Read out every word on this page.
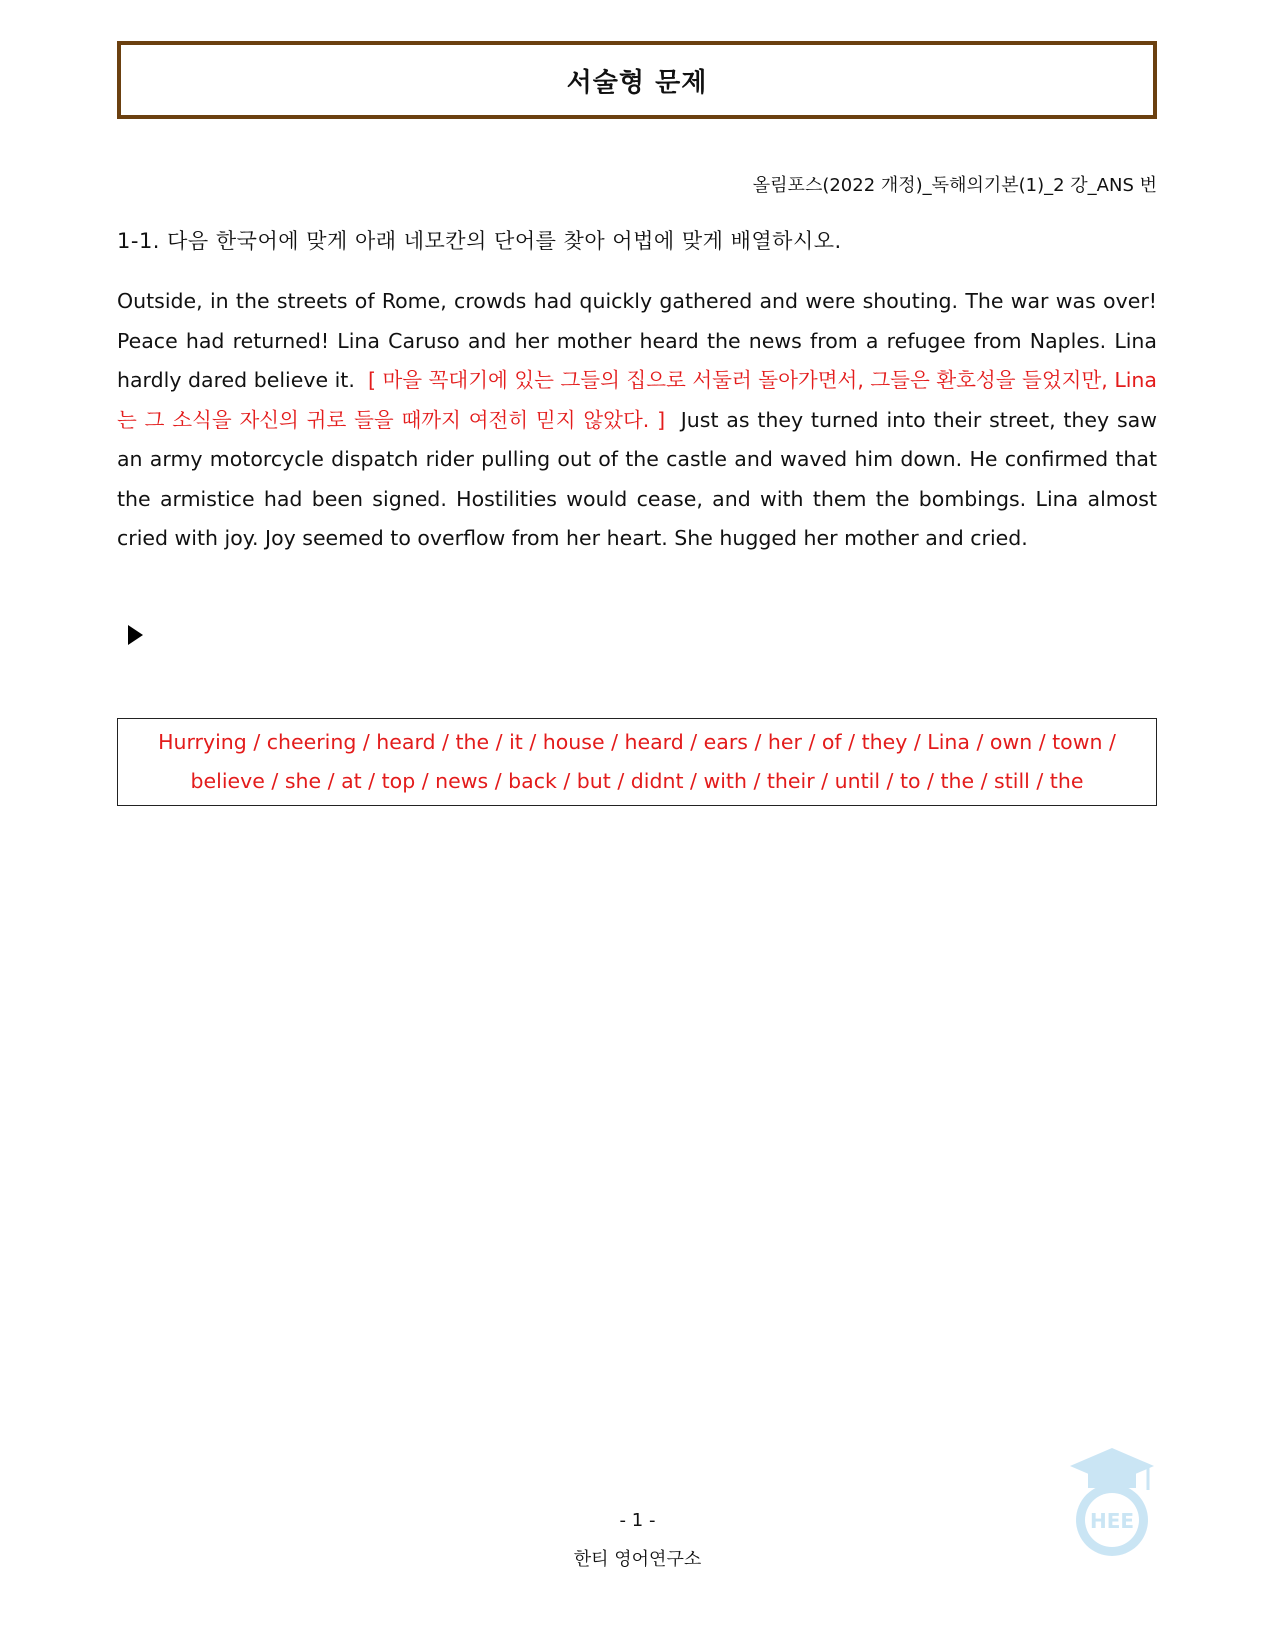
서술형 문제
올림포스(2022 개정)_독해의기본(1)_2 강_ANS 번
1-1. 다음 한국어에 맞게 아래 네모칸의 단어를 찾아 어법에 맞게 배열하시오.
Outside, in the streets of Rome, crowds had quickly gathered and were shouting. The war was over! Peace had returned! Lina Caruso and her mother heard the news from a refugee from Naples. Lina hardly dared believe it. [ 마을 꼭대기에 있는 그들의 집으로 서둘러 돌아가면서, 그들은 환호성을 들었지만, Lina 는 그 소식을 자신의 귀로 들을 때까지 여전히 믿지 않았다. ] Just as they turned into their street, they saw an army motorcycle dispatch rider pulling out of the castle and waved him down. He confirmed that the armistice had been signed. Hostilities would cease, and with them the bombings. Lina almost cried with joy. Joy seemed to overflow from her heart. She hugged her mother and cried.
Hurrying / cheering / heard / the / it / house / heard / ears / her / of / they / Lina / own / town / believe / she / at / top / news / back / but / didnt / with / their / until / to / the / still / the
- 1 -
한티 영어연구소
HEE
